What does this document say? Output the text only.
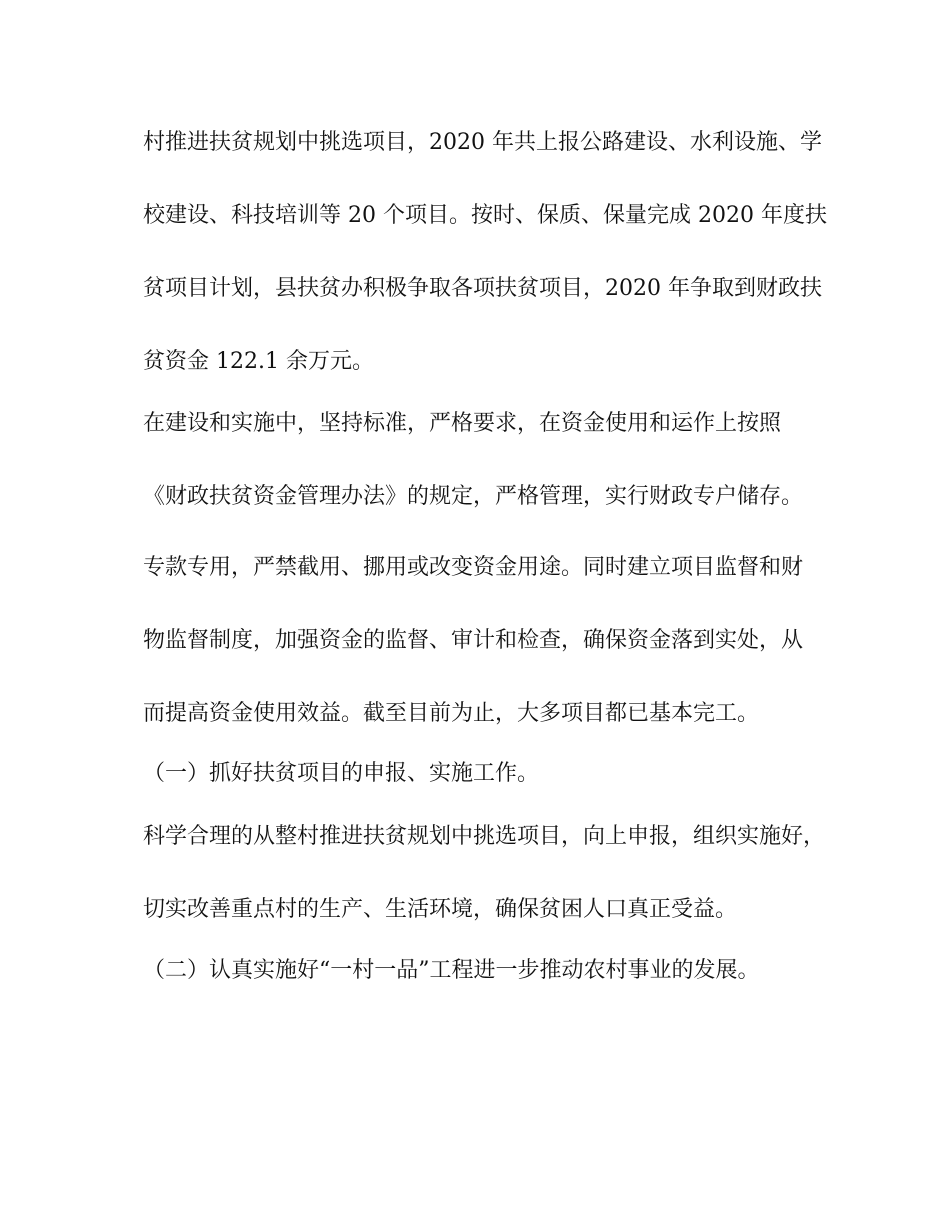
村推进扶贫规划中挑选项目，2020 年共上报公路建设、水利设施、学

校建设、科技培训等 20 个项目。按时、保质、保量完成 2020 年度扶

贫项目计划，县扶贫办积极争取各项扶贫项目，2020 年争取到财政扶

贫资金 122.1 余万元。

在建设和实施中，坚持标准，严格要求，在资金使用和运作上按照

《财政扶贫资金管理办法》的规定，严格管理，实行财政专户储存。

专款专用，严禁截用、挪用或改变资金用途。同时建立项目监督和财

物监督制度，加强资金的监督、审计和检查，确保资金落到实处，从

而提高资金使用效益。截至目前为止，大多项目都已基本完工。

（一）抓好扶贫项目的申报、实施工作。

科学合理的从整村推进扶贫规划中挑选项目，向上申报，组织实施好，

切实改善重点村的生产、生活环境，确保贫困人口真正受益。

（二）认真实施好“一村一品”工程进一步推动农村事业的发展。
